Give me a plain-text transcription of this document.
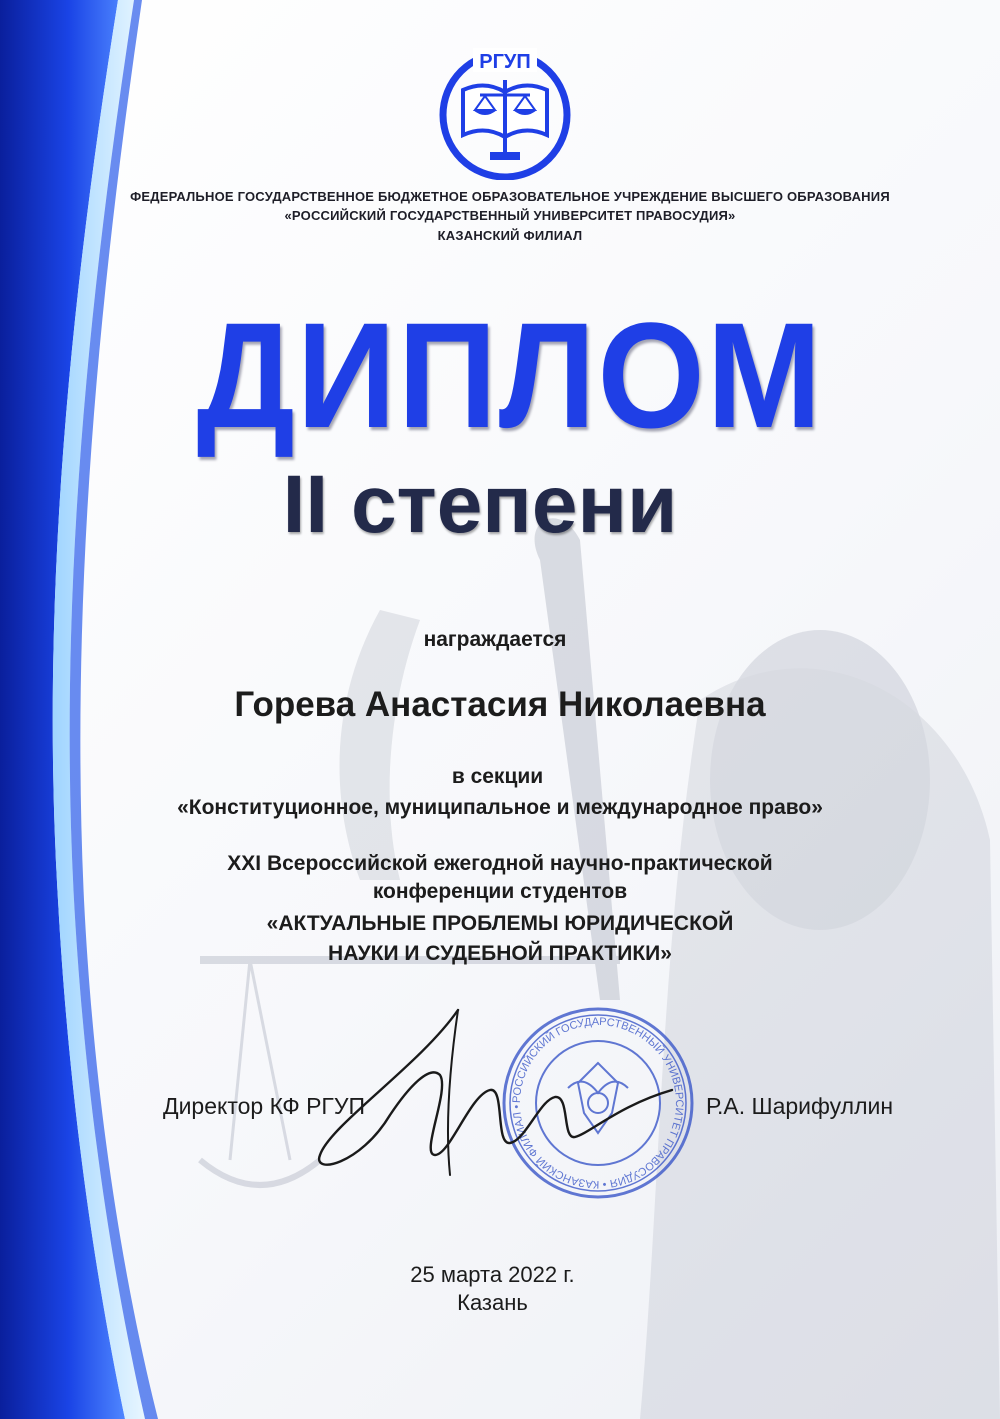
РГУП

ФЕДЕРАЛЬНОЕ ГОСУДАРСТВЕННОЕ БЮДЖЕТНОЕ ОБРАЗОВАТЕЛЬНОЕ УЧРЕЖДЕНИЕ ВЫСШЕГО ОБРАЗОВАНИЯ

«РОССИЙСКИЙ ГОСУДАРСТВЕННЫЙ УНИВЕРСИТЕТ ПРАВОСУДИЯ»

КАЗАНСКИЙ ФИЛИАЛ

ДИПЛОМ

II степени

награждается

Горева Анастасия Николаевна

в секции

«Конституционное, муниципальное и международное право»

XXI Всероссийской ежегодной научно-практической

конференции студентов

«АКТУАЛЬНЫЕ ПРОБЛЕМЫ ЮРИДИЧЕСКОЙ

НАУКИ И СУДЕБНОЙ ПРАКТИКИ»

РОССИЙСКИЙ ГОСУДАРСТВЕННЫЙ УНИВЕРСИТЕТ ПРАВОСУДИЯ • КАЗАНСКИЙ ФИЛИАЛ •

Директор КФ РГУП	Р.А. Шарифуллин

25 марта 2022 г.

Казань
